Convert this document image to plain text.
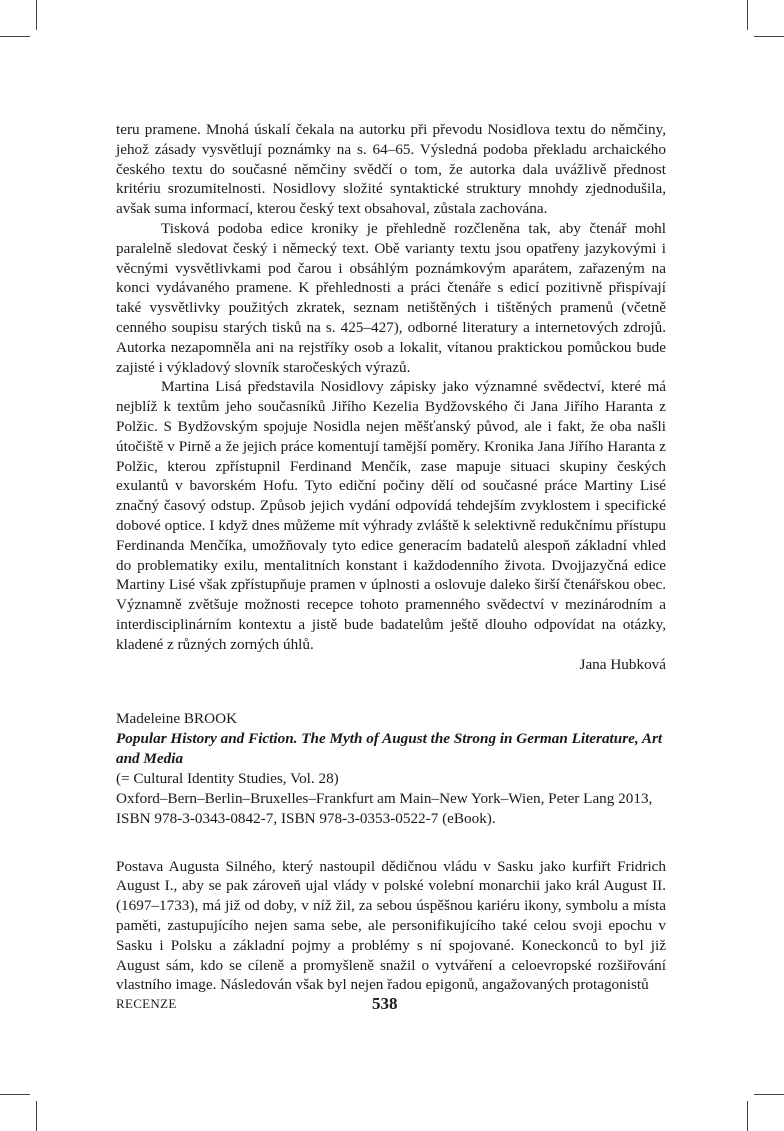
teru pramene. Mnohá úskalí čekala na autorku při převodu Nosidlova textu do němčiny, jehož zásady vysvětlují poznámky na s. 64–65. Výsledná podoba překladu archaického českého textu do současné němčiny svědčí o tom, že autorka dala uvážlivě přednost kritériu srozumitelnosti. Nosidlovy složité syntaktické struktury mnohdy zjednodušila, avšak suma informací, kterou český text obsahoval, zůstala zachována.

Tisková podoba edice kroniky je přehledně rozčleněna tak, aby čtenář mohl paralelně sledovat český i německý text. Obě varianty textu jsou opatřeny jazykovými i věcnými vysvětlivkami pod čarou i obsáhlým poznámkovým aparátem, zařazeným na konci vydávaného pramene. K přehlednosti a práci čtenáře s edicí pozitivně přispívají také vysvětlivky použitých zkratek, seznam netištěných i tištěných pramenů (včetně cenného soupisu starých tisků na s. 425–427), odborné literatury a internetových zdrojů. Autorka nezapomněla ani na rejstříky osob a lokalit, vítanou praktickou pomůckou bude zajisté i výkladový slovník staročeských výrazů.

Martina Lisá představila Nosidlovy zápisky jako významné svědectví, které má nejblíž k textům jeho současníků Jiřího Kezelia Bydžovského či Jana Jiřího Haranta z Polžic. S Bydžovským spojuje Nosidla nejen měšťanský původ, ale i fakt, že oba našli útočiště v Pirně a že jejich práce komentují tamější poměry. Kronika Jana Jiřího Haranta z Polžic, kterou zpřístupnil Ferdinand Menčík, zase mapuje situaci skupiny českých exulantů v bavorském Hofu. Tyto ediční počiny dělí od současné práce Martiny Lisé značný časový odstup. Způsob jejich vydání odpovídá tehdejším zvyklostem i specifické dobové optice. I když dnes můžeme mít výhrady zvláště k selektivně redukčnímu přístupu Ferdinanda Menčíka, umožňovaly tyto edice generacím badatelů alespoň základní vhled do problematiky exilu, mentalitních konstant i každodenního života. Dvojjazyčná edice Martiny Lisé však zpřístupňuje pramen v úplnosti a oslovuje daleko širší čtenářskou obec. Významně zvětšuje možnosti recepce tohoto pramenného svědectví v mezinárodním a interdisciplinárním kontextu a jistě bude badatelům ještě dlouho odpovídat na otázky, kladené z různých zorných úhlů.

Jana Hubková

Madeleine BROOK
Popular History and Fiction. The Myth of August the Strong in German Literature, Art and Media
(= Cultural Identity Studies, Vol. 28)
Oxford–Bern–Berlin–Bruxelles–Frankfurt am Main–New York–Wien, Peter Lang 2013, ISBN 978-3-0343-0842-7, ISBN 978-3-0353-0522-7 (eBook).

Postava Augusta Silného, který nastoupil dědičnou vládu v Sasku jako kurfiřt Fridrich August I., aby se pak zároveň ujal vlády v polské volební monarchii jako král August II. (1697–1733), má již od doby, v níž žil, za sebou úspěšnou kariéru ikony, symbolu a místa paměti, zastupujícího nejen sama sebe, ale personifikujícího také celou svoji epochu v Sasku i Polsku a základní pojmy a problémy s ní spojované. Koneckonců to byl již August sám, kdo se cíleně a promyšleně snažil o vytváření a celoevropské rozšiřování vlastního image. Následován však byl nejen řadou epigonů, angažovaných protagonistů

RECENZE	538
